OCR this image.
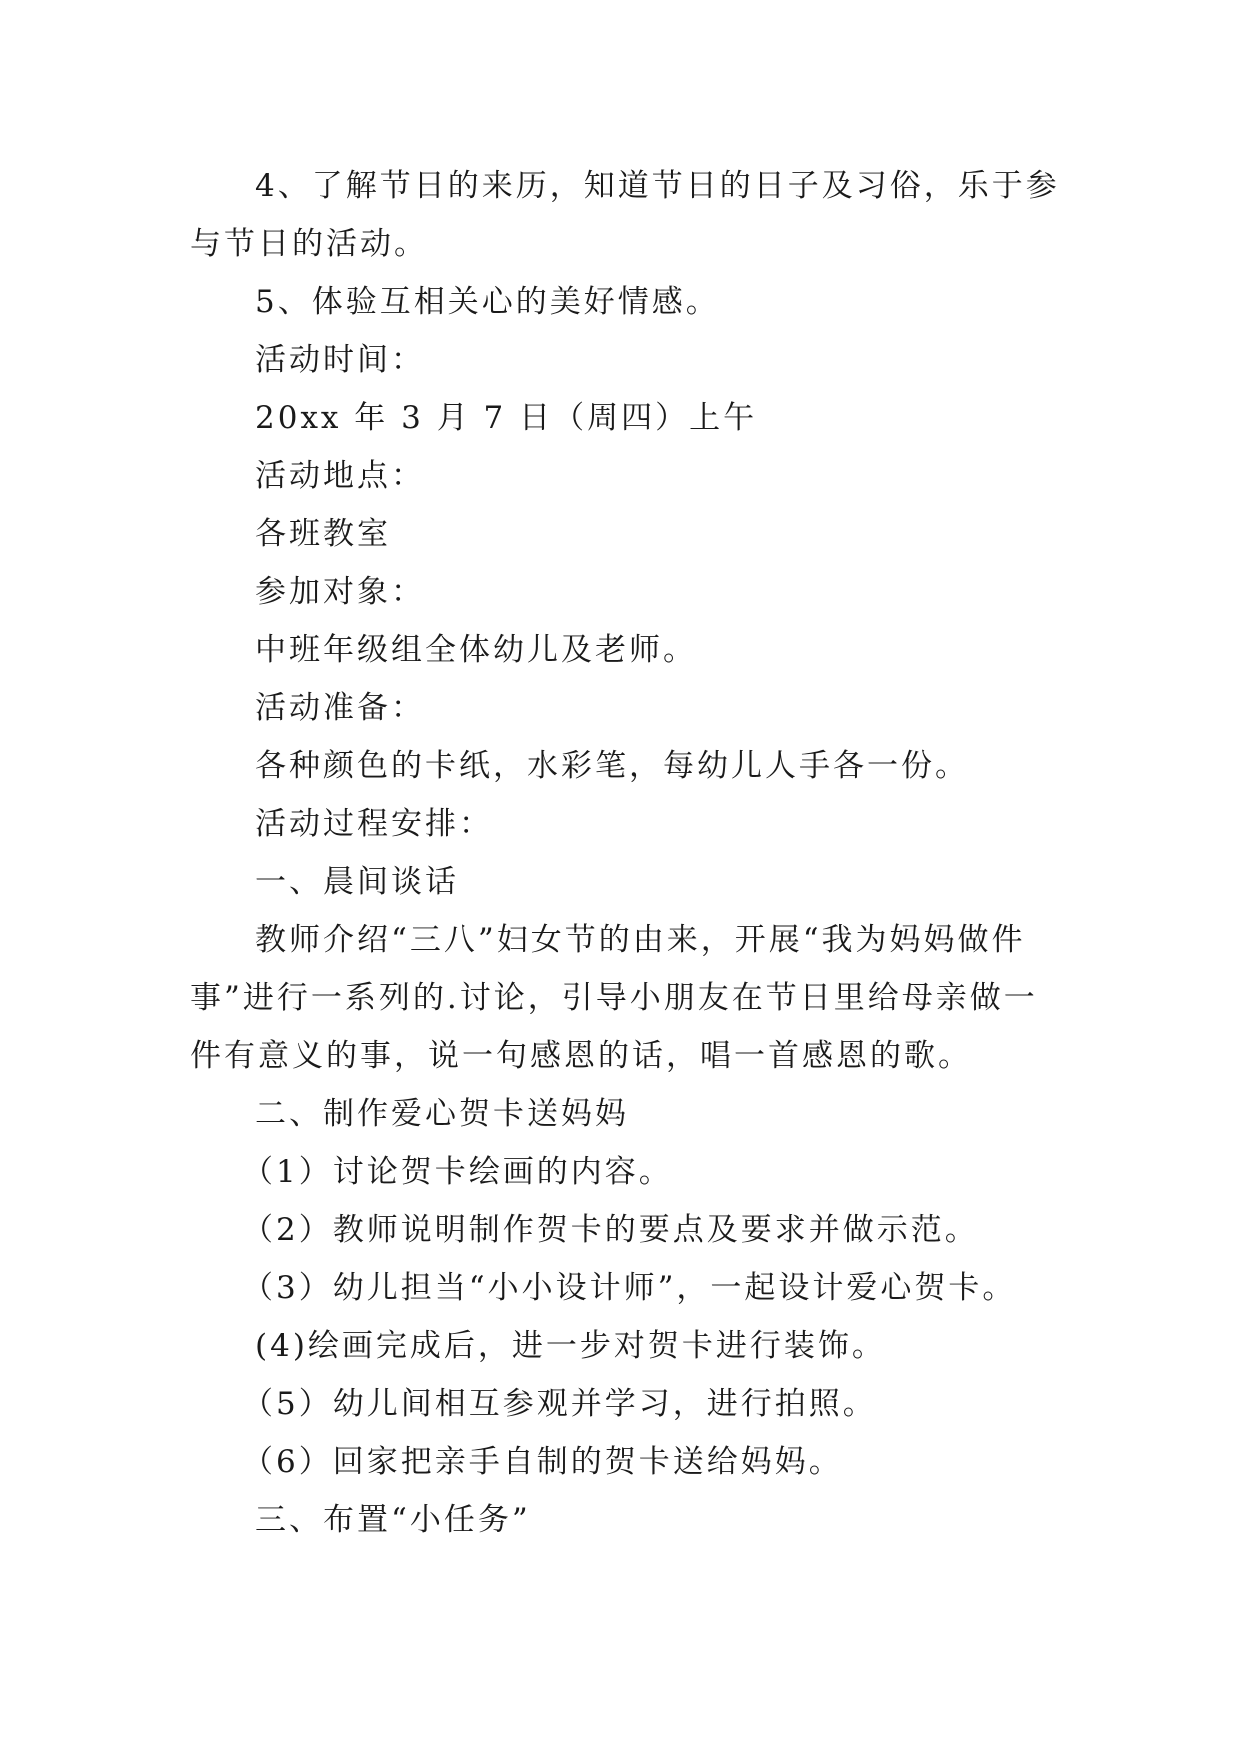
4、了解节日的来历，知道节日的日子及习俗，乐于参
与节日的活动。
5、体验互相关心的美好情感。
活动时间：
20xx 年 3 月 7 日（周四）上午
活动地点：
各班教室
参加对象：
中班年级组全体幼儿及老师。
活动准备：
各种颜色的卡纸，水彩笔，每幼儿人手各一份。
活动过程安排：
一、晨间谈话
教师介绍“三八”妇女节的由来，开展“我为妈妈做件
事”进行一系列的.讨论，引导小朋友在节日里给母亲做一
件有意义的事，说一句感恩的话，唱一首感恩的歌。
二、制作爱心贺卡送妈妈
（1）讨论贺卡绘画的内容。
（2）教师说明制作贺卡的要点及要求并做示范。
（3）幼儿担当“小小设计师”，一起设计爱心贺卡。
(4)绘画完成后，进一步对贺卡进行装饰。
（5）幼儿间相互参观并学习，进行拍照。
（6）回家把亲手自制的贺卡送给妈妈。
三、布置“小任务”
